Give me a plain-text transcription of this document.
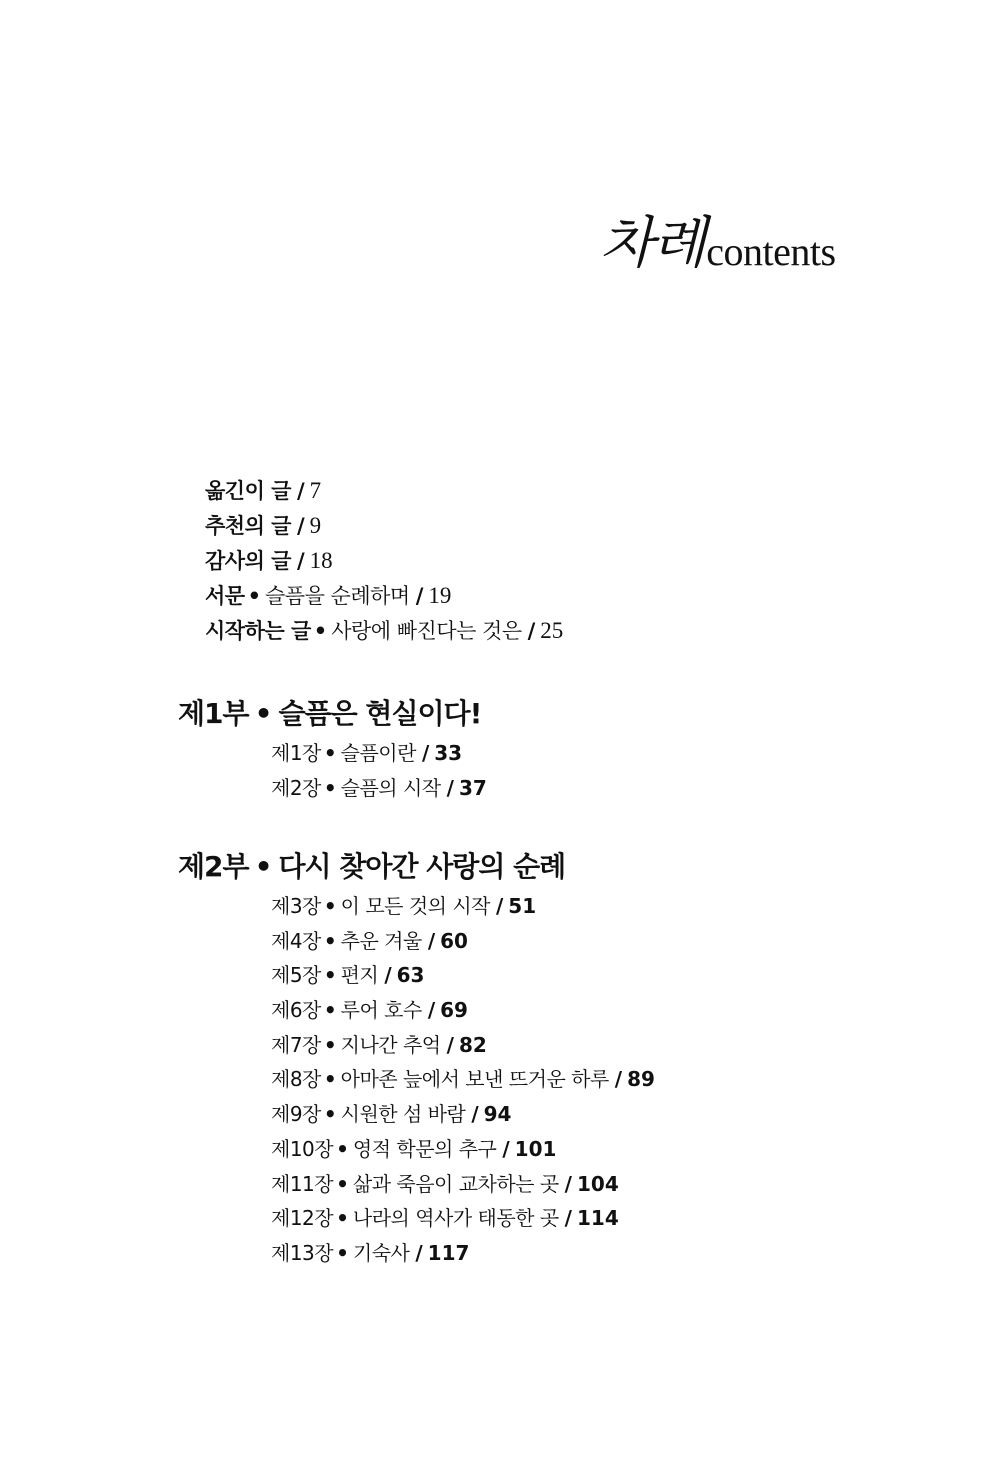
차례 contents
옮긴이 글 / 7
추천의 글 / 9
감사의 글 / 18
서문 • 슬픔을 순례하며 / 19
시작하는 글 • 사랑에 빠진다는 것은 / 25
제1부 • 슬픔은 현실이다!
제1장 • 슬픔이란 / 33
제2장 • 슬픔의 시작 / 37
제2부 • 다시 찾아간 사랑의 순례
제3장 • 이 모든 것의 시작 / 51
제4장 • 추운 겨울 / 60
제5장 • 편지 / 63
제6장 • 루어 호수 / 69
제7장 • 지나간 추억 / 82
제8장 • 아마존 늪에서 보낸 뜨거운 하루 / 89
제9장 • 시원한 섬 바람 / 94
제10장 • 영적 학문의 추구 / 101
제11장 • 삶과 죽음이 교차하는 곳 / 104
제12장 • 나라의 역사가 태동한 곳 / 114
제13장 • 기숙사 / 117
